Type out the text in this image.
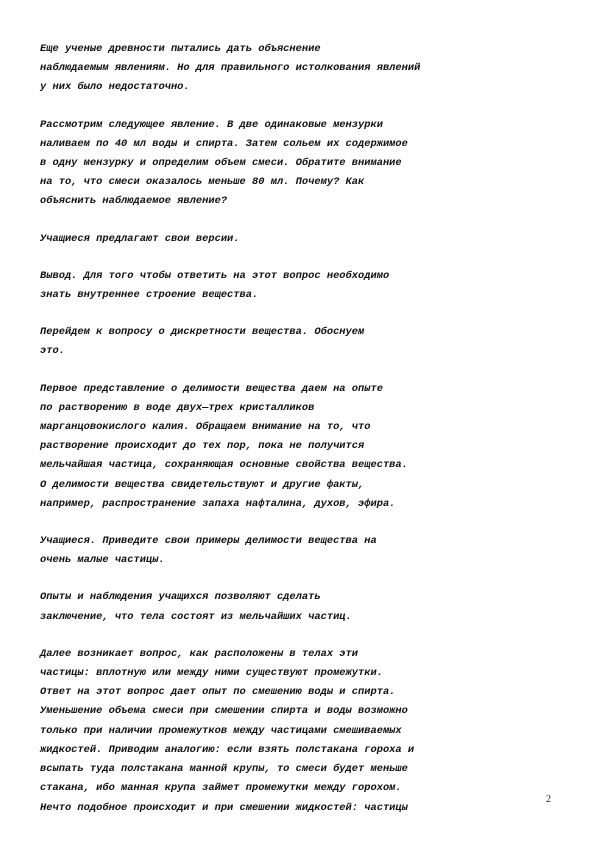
Еще ученые древности пытались дать объяснение
наблюдаемым явлениям. Но для правильного истолкования явлений
у них было недостаточно.

Рассмотрим следующее явление. В две одинаковые мензурки
наливаем по 40 мл воды и спирта. Затем сольем их содержимое
в одну мензурку и определим объем смеси. Обратите внимание
на то, что смеси оказалось меньше 80 мл. Почему? Как
объяснить наблюдаемое явление?

Учащиеся предлагают свои версии.

Вывод. Для того чтобы ответить на этот вопрос необходимо
знать внутреннее строение вещества.

Перейдем к вопросу о дискретности вещества. Обоснуем
это.

Первое представление о делимости вещества даем на опыте
по растворению в воде двух—трех кристалликов
марганцовокислого калия. Обращаем внимание на то, что
растворение происходит до тех пор, пока не получится
мельчайшая частица, сохраняющая основные свойства вещества.
О делимости вещества свидетельствуют и другие факты,
например, распространение запаха нафталина, духов, эфира.

Учащиеся. Приведите свои примеры делимости вещества на
очень малые частицы.

Опыты и наблюдения учащихся позволяют сделать
заключение, что тела состоят из мельчайших частиц.

Далее возникает вопрос, как расположены в телах эти
частицы: вплотную или между ними существуют промежутки.
Ответ на этот вопрос дает опыт по смешению воды и спирта.
Уменьшение объема смеси при смешении спирта и воды возможно
только при наличии промежутков между частицами смешиваемых
жидкостей. Приводим аналогию: если взять полстакана гороха и
всыпать туда полстакана манной крупы, то смеси будет меньше
стакана, ибо манная крупа займет промежутки между горохом.
Нечто подобное происходит и при смешении жидкостей: частицы

2
